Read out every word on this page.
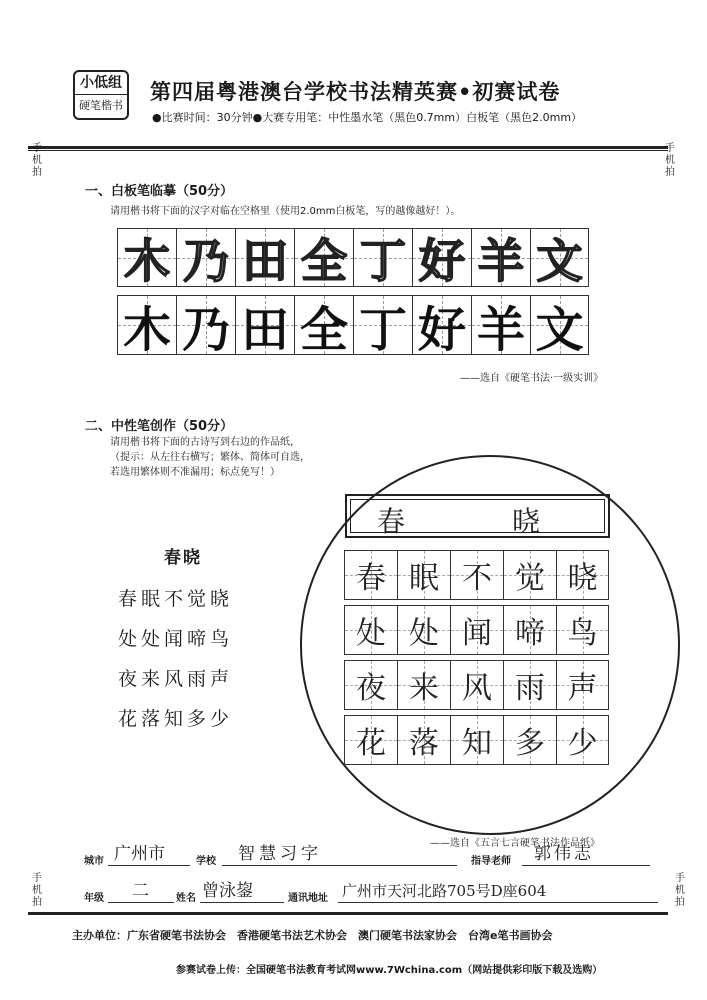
小低组
硬笔楷书
第四届粤港澳台学校书法精英赛•初赛试卷
●比赛时间：30分钟●大赛专用笔：中性墨水笔（黑色0.7mm）白板笔（黑色2.0mm）
手机拍
手机拍
手机拍
手机拍
一、白板笔临摹（50分）
请用楷书将下面的汉字对临在空格里（使用2.0mm白板笔，写的越像越好！）。
木 乃 田 全 丁 好 羊 文
木 乃 田 全 丁 好 羊 文
——选自《硬笔书法·一级实训》
二、中性笔创作（50分）
请用楷书将下面的古诗写到右边的作品纸，
（提示：从左往右横写；繁体、简体可自选，
若选用繁体则不准漏用；标点免写！）
春晓
春眠不觉晓
处处闻啼鸟
夜来风雨声
花落知多少
春	晓
春 眠 不 觉 晓
处 处 闻 啼 鸟
夜 来 风 雨 声
花 落 知 多 少
——选自《五言七言硬笔书法作品纸》
城市 广州市	学校 智慧习字	指导老师 郭伟志
年级 二	姓名 曾泳鋆	通讯地址 广州市天河北路705号D座604
主办单位：广东省硬笔书法协会　香港硬笔书法艺术协会　澳门硬笔书法家协会　台湾e笔书画协会
参赛试卷上传：全国硬笔书法教育考试网www.7Wchina.com（网站提供彩印版下载及选购）
